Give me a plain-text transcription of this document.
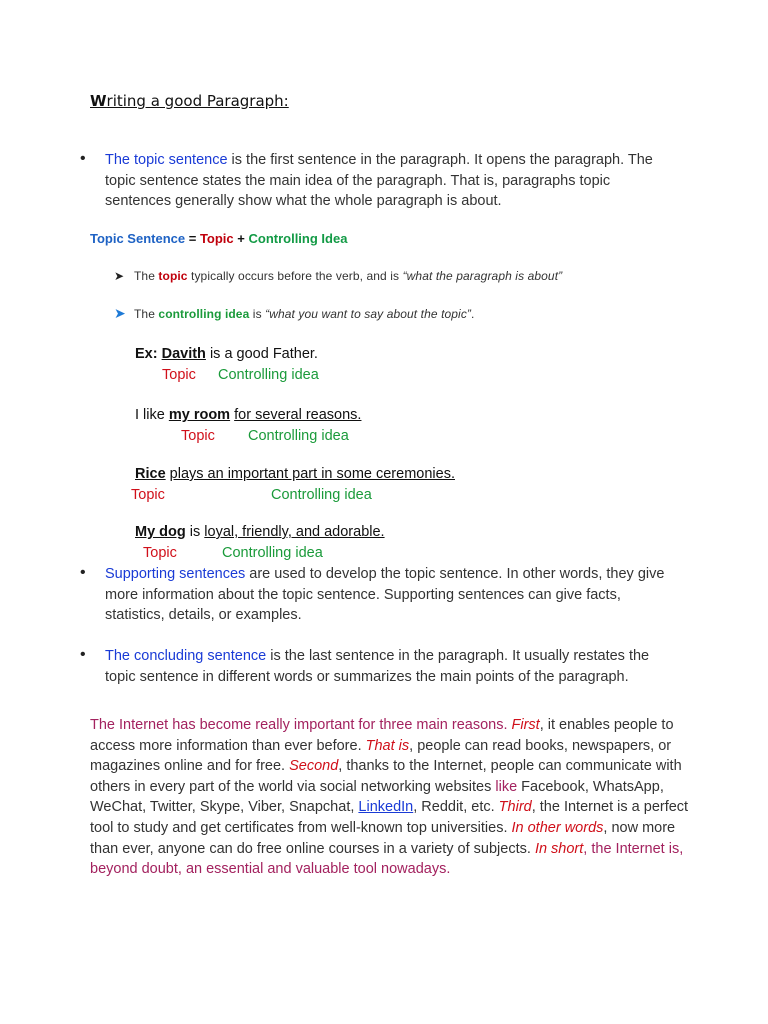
Writing a good Paragraph:
• The topic sentence is the first sentence in the paragraph. It opens the paragraph. The topic sentence states the main idea of the paragraph. That is, paragraphs topic sentences generally show what the whole paragraph is about.
Topic Sentence = Topic + Controlling Idea
➤ The topic typically occurs before the verb, and is “what the paragraph is about”
➤ The controlling idea is “what you want to say about the topic”.
Ex: Davith is a good Father.
Topic Controlling idea
I like my room for several reasons.
Topic Controlling idea
Rice plays an important part in some ceremonies.
Topic	Controlling idea
My dog is loyal, friendly, and adorable.
Topic	Controlling idea
• Supporting sentences are used to develop the topic sentence. In other words, they give more information about the topic sentence. Supporting sentences can give facts, statistics, details, or examples.
• The concluding sentence is the last sentence in the paragraph. It usually restates the topic sentence in different words or summarizes the main points of the paragraph.
The Internet has become really important for three main reasons. First, it enables people to access more information than ever before. That is, people can read books, newspapers, or magazines online and for free. Second, thanks to the Internet, people can communicate with others in every part of the world via social networking websites like Facebook, WhatsApp, WeChat, Twitter, Skype, Viber, Snapchat, LinkedIn, Reddit, etc. Third, the Internet is a perfect tool to study and get certificates from well-known top universities. In other words, now more than ever, anyone can do free online courses in a variety of subjects. In short, the Internet is, beyond doubt, an essential and valuable tool nowadays.
